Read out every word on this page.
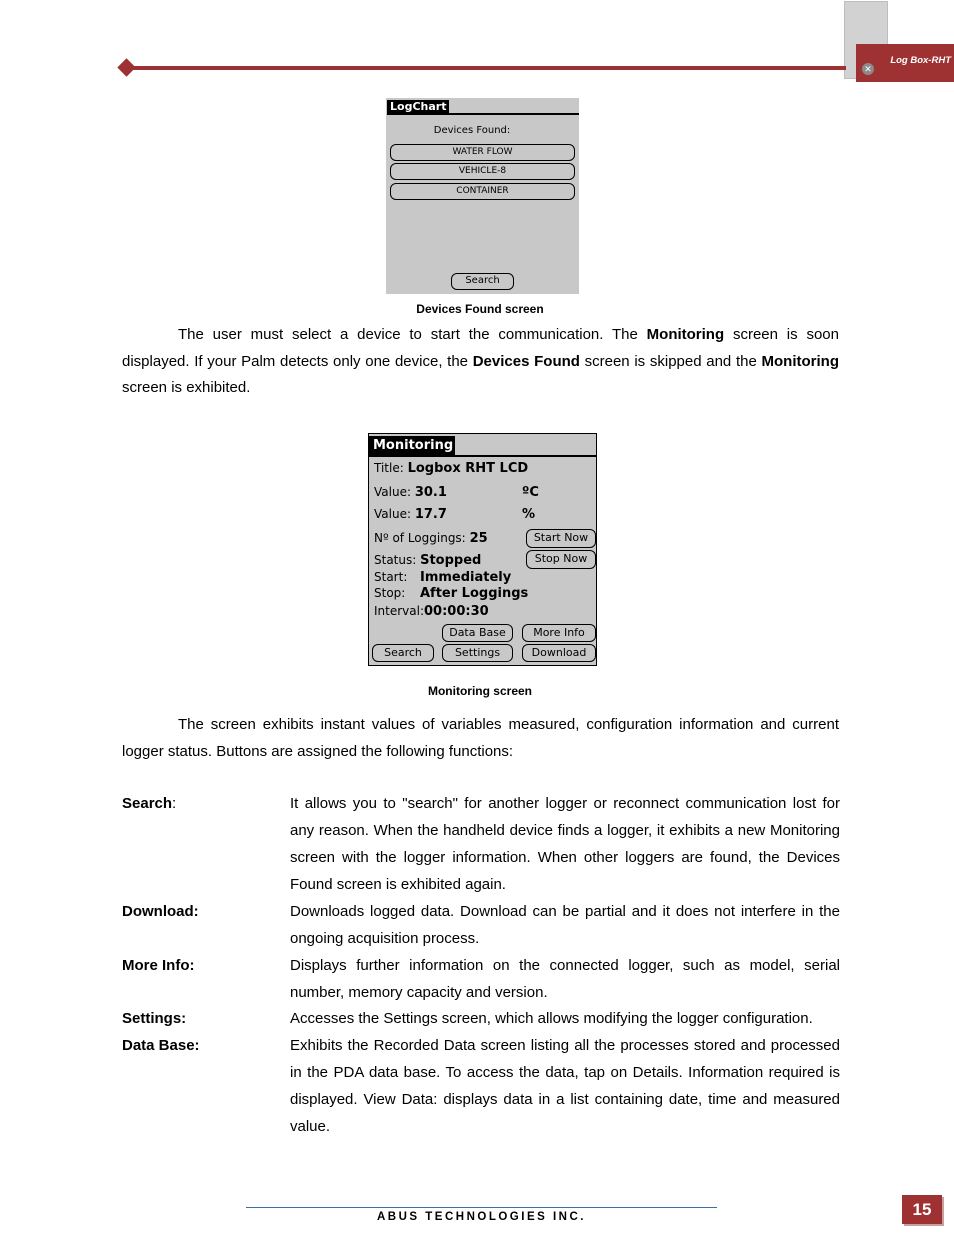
Log Box-RHT
✕
LogChart
Devices Found:
WATER FLOW
VEHICLE-8
CONTAINER
Search
Devices Found screen
The user must select a device to start the communication. The Monitoring screen is soon displayed. If your Palm detects only one device, the Devices Found screen is skipped and the Monitoring screen is exhibited.
Monitoring
Title: Logbox RHT LCD
Value: 30.1	ºC
Value: 17.7	%
Nº of Loggings: 25
Status: Stopped
Start: Immediately
Stop: After Loggings
Interval:00:00:30
Start Now
Stop Now
Data Base	More Info
Search	Settings	Download
Monitoring screen
The screen exhibits instant values of variables measured, configuration information and current logger status. Buttons are assigned the following functions:
Search:	It allows you to "search" for another logger or reconnect communication lost for any reason. When the handheld device finds a logger, it exhibits a new Monitoring screen with the logger information. When other loggers are found, the Devices Found screen is exhibited again.
Download:	Downloads logged data. Download can be partial and it does not interfere in the ongoing acquisition process.
More Info:	Displays further information on the connected logger, such as model, serial number, memory capacity and version.
Settings:	Accesses the Settings screen, which allows modifying the logger configuration.
Data Base:	Exhibits the Recorded Data screen listing all the processes stored and processed in the PDA data base. To access the data, tap on Details. Information required is displayed. View Data: displays data in a list containing date, time and measured value.
ABUS TECHNOLOGIES INC.	15
